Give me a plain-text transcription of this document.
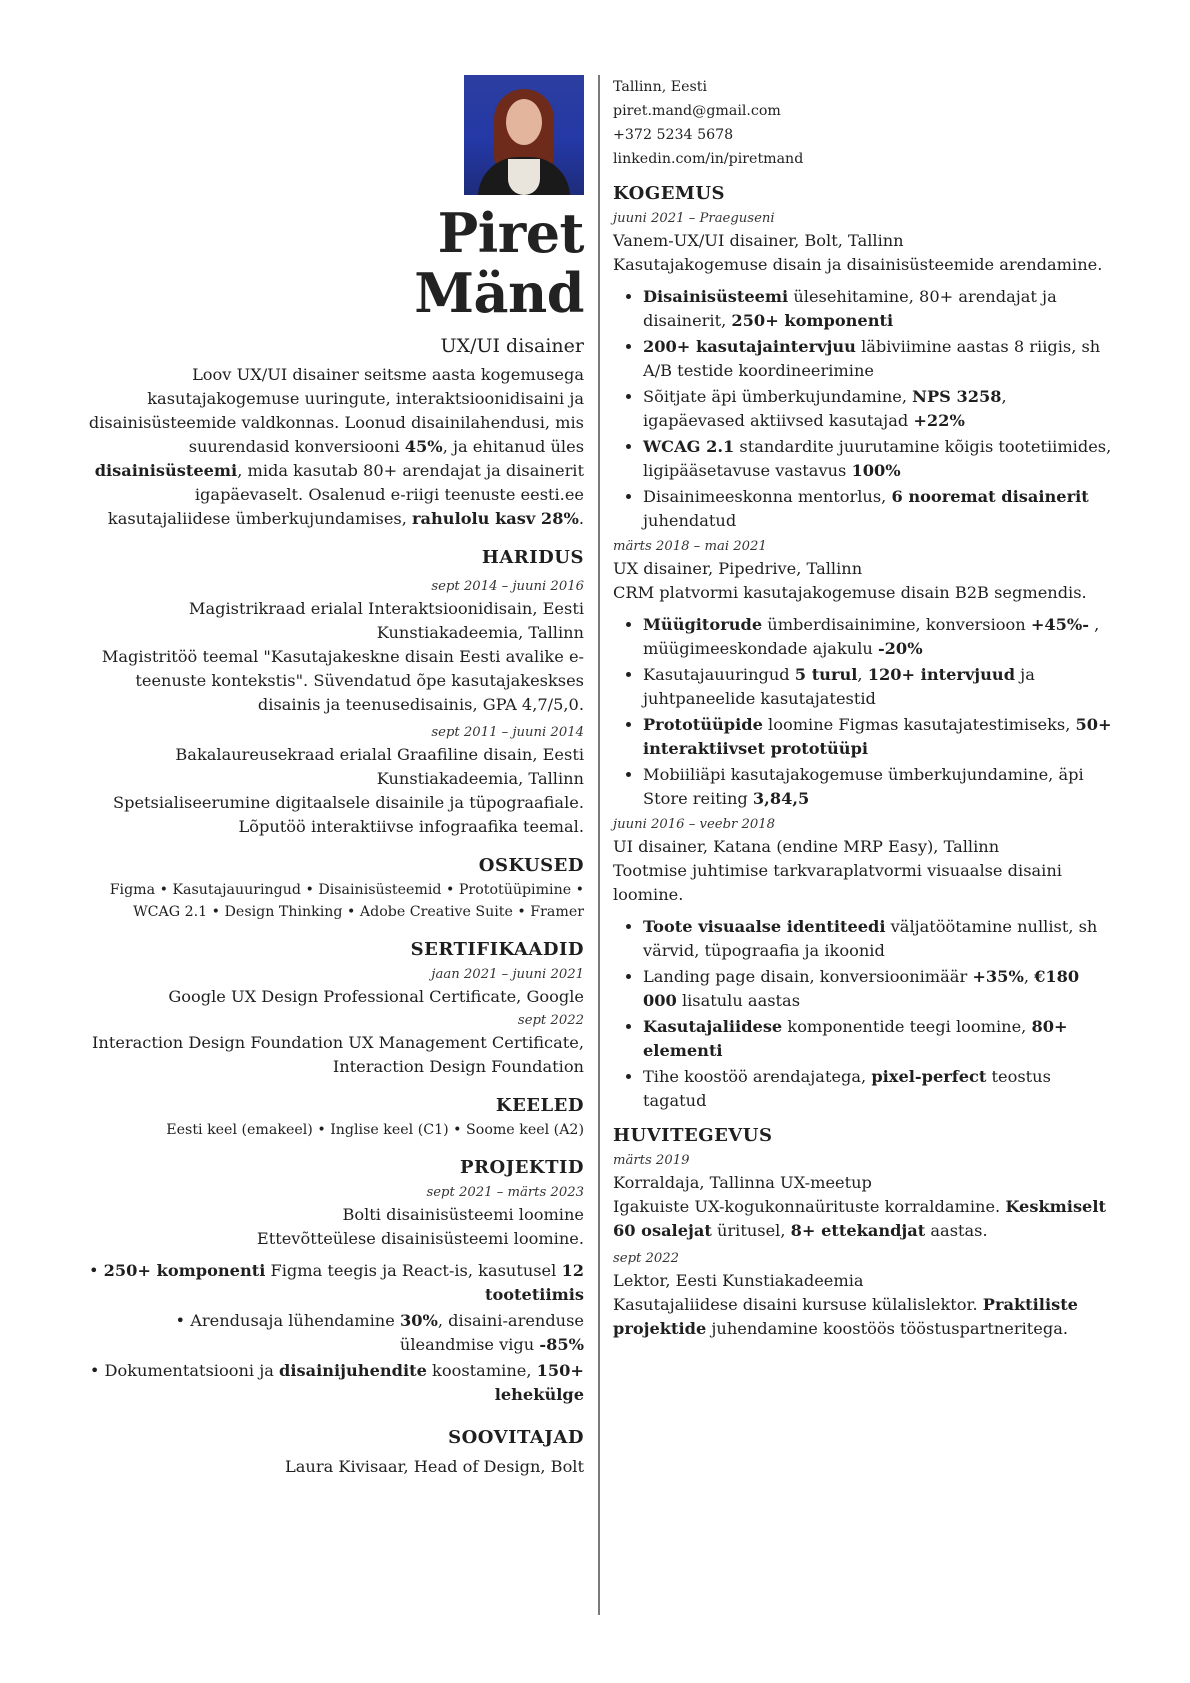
Piret
Mänd
UX/UI disainer
Loov UX/UI disainer seitsme aasta kogemusega kasutajakogemuse uuringute, interaktsioonidisaini ja disainisüsteemide valdkonnas. Loonud disainilahendusi, mis suurendasid konversiooni 45%, ja ehitanud üles disainisüsteemi, mida kasutab 80+ arendajat ja disainerit igapäevaselt. Osalenud e-riigi teenuste eesti.ee kasutajaliidese ümberkujundamises, rahulolu kasv 28%.
HARIDUS
sept 2014 – juuni 2016
Magistrikraad erialal Interaktsioonidisain, Eesti Kunstiakadeemia, Tallinn
Magistritöö teemal "Kasutajakeskne disain Eesti avalike e-teenuste kontekstis". Süvendatud õpe kasutajakeskses disainis ja teenusedisainis, GPA 4,7/5,0.
sept 2011 – juuni 2014
Bakalaureusekraad erialal Graafiline disain, Eesti Kunstiakadeemia, Tallinn
Spetsialiseerumine digitaalsele disainile ja tüpograafiale. Lõputöö interaktiivse infograafika teemal.
OSKUSED
Figma • Kasutajauuringud • Disainisüsteemid • Prototüüpimine • WCAG 2.1 • Design Thinking • Adobe Creative Suite • Framer
SERTIFIKAADID
jaan 2021 – juuni 2021
Google UX Design Professional Certificate, Google
sept 2022
Interaction Design Foundation UX Management Certificate, Interaction Design Foundation
KEELED
Eesti keel (emakeel) • Inglise keel (C1) • Soome keel (A2)
PROJEKTID
sept 2021 – märts 2023
Bolti disainisüsteemi loomine
Ettevõtteülese disainisüsteemi loomine.
• 250+ komponenti Figma teegis ja React-is, kasutusel 12 tootetiimis
• Arendusaja lühendamine 30%, disaini-arenduse üleandmise vigu -85%
• Dokumentatsiooni ja disainijuhendite koostamine, 150+ lehekülge
SOOVITAJAD
Laura Kivisaar, Head of Design, Bolt
Tallinn, Eesti
piret.mand@gmail.com
+372 5234 5678
linkedin.com/in/piretmand
KOGEMUS
juuni 2021 – Praeguseni
Vanem-UX/UI disainer, Bolt, Tallinn
Kasutajakogemuse disain ja disainisüsteemide arendamine.
• Disainisüsteemi ülesehitamine, 80+ arendajat ja disainerit, 250+ komponenti
• 200+ kasutajaintervjuu läbiviimine aastas 8 riigis, sh A/B testide koordineerimine
• Sõitjate äpi ümberkujundamine, NPS 3258, igapäevased aktiivsed kasutajad +22%
• WCAG 2.1 standardite juurutamine kõigis tootetiimides, ligipääsetavuse vastavus 100%
• Disainimeeskonna mentorlus, 6 nooremat disainerit juhendatud
märts 2018 – mai 2021
UX disainer, Pipedrive, Tallinn
CRM platvormi kasutajakogemuse disain B2B segmendis.
• Müügitorude ümberdisainimine, konversioon +45%- , müügimeeskondade ajakulu -20%
• Kasutajauuringud 5 turul, 120+ intervjuud ja juhtpaneelide kasutajatestid
• Prototüüpide loomine Figmas kasutajatestimiseks, 50+ interaktiivset prototüüpi
• Mobiiliäpi kasutajakogemuse ümberkujundamine, äpi Store reiting 3,84,5
juuni 2016 – veebr 2018
UI disainer, Katana (endine MRP Easy), Tallinn
Tootmise juhtimise tarkvaraplatvormi visuaalse disaini loomine.
• Toote visuaalse identiteedi väljatöötamine nullist, sh värvid, tüpograafia ja ikoonid
• Landing page disain, konversioonimäär +35%, €180 000 lisatulu aastas
• Kasutajaliidese komponentide teegi loomine, 80+ elementi
• Tihe koostöö arendajatega, pixel-perfect teostus tagatud
HUVITEGEVUS
märts 2019
Korraldaja, Tallinna UX-meetup
Igakuiste UX-kogukonnaürituste korraldamine. Keskmiselt 60 osalejat üritusel, 8+ ettekandjat aastas.
sept 2022
Lektor, Eesti Kunstiakadeemia
Kasutajaliidese disaini kursuse külalislektor. Praktiliste projektide juhendamine koostöös tööstuspartneritega.
